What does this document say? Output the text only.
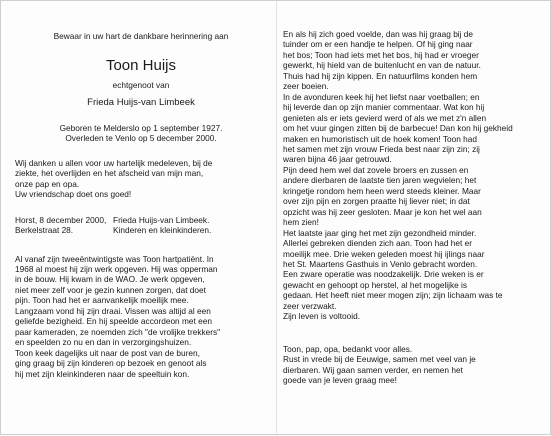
Bewaar in uw hart de dankbare herinnering aan

Toon Huijs

echtgenoot van

Frieda Huijs-van Limbeek

Geboren te Melderslo op 1 september 1927.

Overleden te Venlo op 5 december 2000.

Wij danken u allen voor uw hartelijk medeleven, bij de

ziekte, het overlijden en het afscheid van mijn man,

onze pap en opa.

Uw vriendschap doet ons goed!

Horst, 8 december 2000,

Berkelstraat 28.

Frieda Huijs-van Limbeek.

Kinderen en kleinkinderen.

Al vanaf zijn tweeëntwintigste was Toon hartpatiënt. In

1968 al moest hij zijn werk opgeven. Hij was opperman

in de bouw. Hij kwam in de WAO. Je werk opgeven,

niet meer zelf voor je gezin kunnen zorgen, dat doet

pijn. Toon had het er aanvankelijk moeilijk mee.

Langzaam vond hij zijn draai. Vissen was altijd al een

geliefde bezigheid. En hij speelde accordeon met een

paar kameraden, ze noemden zich "de vrolijke trekkers"

en speelden zo nu en dan in verzorgingshuizen.

Toon keek dagelijks uit naar de post van de buren,

ging graag bij zijn kinderen op bezoek en genoot als

hij met zijn kleinkinderen naar de speeltuin kon.

En als hij zich goed voelde, dan was hij graag bij de

tuinder om er een handje te helpen. Of hij ging naar

het bos; Toon had iets met het bos, hij had er vroeger

gewerkt, hij hield van de buitenlucht en van de natuur.

Thuis had hij zijn kippen. En natuurfilms konden hem

zeer boeien.

In de avonduren keek hij het liefst naar voetballen; en

hij leverde dan op zijn manier commentaar. Wat kon hij

genieten als er iets gevierd werd of als we met z'n allen

om het vuur gingen zitten bij de barbecue! Dan kon hij gekheid

maken en humoristisch uit de hoek komen! Toon had

het samen met zijn vrouw Frieda best naar zijn zin; zij

waren bijna 46 jaar getrouwd.

Pijn deed hem wel dat zovele broers en zussen en

andere dierbaren de laatste tien jaren wegvielen; het

kringetje rondom hem heen werd steeds kleiner. Maar

over zijn pijn en zorgen praatte hij liever niet; in dat

opzicht was hij zeer gesloten. Maar je kon het wel aan

hem zien!

Het laatste jaar ging het met zijn gezondheid minder.

Allerlei gebreken dienden zich aan. Toon had het er

moeilijk mee. Drie weken geleden moest hij ijlings naar

het St. Maartens Gasthuis in Venlo gebracht worden.

Een zware operatie was noodzakelijk. Drie weken is er

gewacht en gehoopt op herstel, al het mogelijke is

gedaan. Het heeft niet meer mogen zijn; zijn lichaam was te

zeer verzwakt.

Zijn leven is voltooid.

Toon, pap, opa, bedankt voor alles.

Rust in vrede bij de Eeuwige, samen met veel van je

dierbaren. Wij gaan samen verder, en nemen het

goede van je leven graag mee!
